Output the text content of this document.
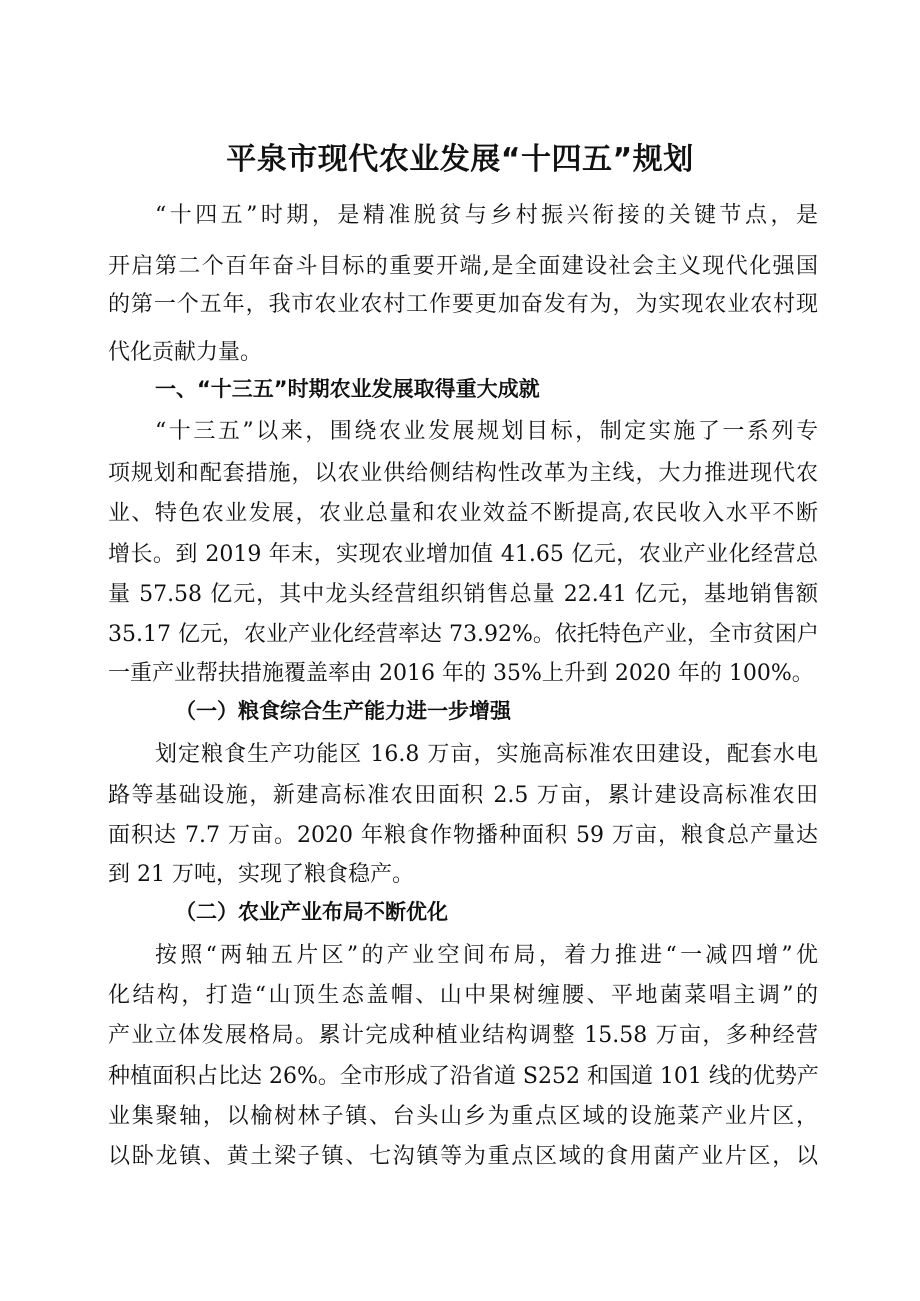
平泉市现代农业发展“十四五”规划

“十四五”时期，是精准脱贫与乡村振兴衔接的关键节点，是

开启第二个百年奋斗目标的重要开端,是全面建设社会主义现代化强国

的第一个五年，我市农业农村工作要更加奋发有为，为实现农业农村现

代化贡献力量。

一、“十三五”时期农业发展取得重大成就

“十三五”以来，围绕农业发展规划目标，制定实施了一系列专

项规划和配套措施，以农业供给侧结构性改革为主线，大力推进现代农

业、特色农业发展，农业总量和农业效益不断提高,农民收入水平不断

增长。到 2019 年末，实现农业增加值 41.65 亿元，农业产业化经营总

量 57.58 亿元，其中龙头经营组织销售总量 22.41 亿元，基地销售额

35.17 亿元，农业产业化经营率达 73.92%。依托特色产业，全市贫困户

一重产业帮扶措施覆盖率由 2016 年的 35%上升到 2020 年的 100%。

（一）粮食综合生产能力进一步增强

划定粮食生产功能区 16.8 万亩，实施高标准农田建设，配套水电

路等基础设施，新建高标准农田面积 2.5 万亩，累计建设高标准农田

面积达 7.7 万亩。2020 年粮食作物播种面积 59 万亩，粮食总产量达

到 21 万吨，实现了粮食稳产。

（二）农业产业布局不断优化

按照“两轴五片区”的产业空间布局，着力推进“一减四增”优

化结构，打造“山顶生态盖帽、山中果树缠腰、平地菌菜唱主调”的

产业立体发展格局。累计完成种植业结构调整 15.58 万亩，多种经营

种植面积占比达 26%。全市形成了沿省道 S252 和国道 101 线的优势产

业集聚轴，以榆树林子镇、台头山乡为重点区域的设施菜产业片区，

以卧龙镇、黄土梁子镇、七沟镇等为重点区域的食用菌产业片区，以
